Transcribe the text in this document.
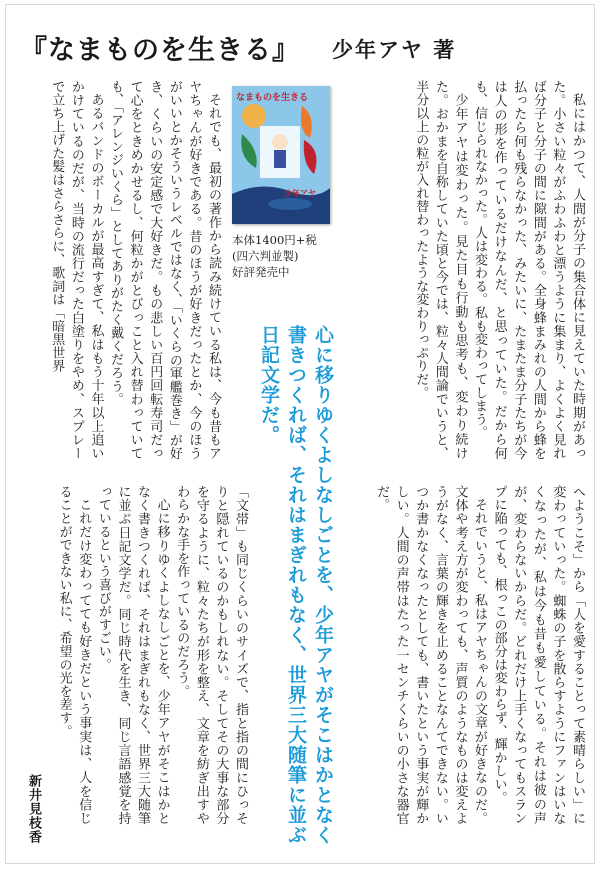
『なまものを生きる』 少年アヤ 著

私にはかつて、人間が分子の集合体に見えていた時期があった。小さい粒々がふわふわと漂うように集まり、よくよく見れば分子と分子の間に隙間がある。全身蜂まみれの人間から蜂を払ったら何も残らなかった、みたいに、たまたま分子たちが今は人の形を作っているだけなんだ、と思っていた。だから何も、信じられなかった。人は変わる。私も変わってしまう。

少年アヤは変わった。見た目も行動も思考も、変わり続けた。おかまを自称していた頃と今では、粒々人間論でいうと、半分以上の粒が入れ替わったような変わりっぷりだ。

なまものを生きる
少年アヤ
本体1400円+税
(四六判並製)
好評発売中

それでも、最初の著作から読み続けている私は、今も昔もアヤちゃんが好きである。昔のほうが好きだったとか、今のほうがいいとかそういうレベルではなく、「いくらの軍艦巻き」が好き、くらいの安定感で大好きだ。もの悲しい百円回転寿司だって心をときめかせるし、何粒かがとびっこと入れ替わっていても、「アレンジいくら」としてありがたく戴くだろう。

あるバンドのボーカルが最高すぎて、私はもう十年以上追いかけているのだが、当時の流行だった白塗りをやめ、スプレーで立ち上げた髪はさらさらに、歌詞は「暗黒世界

心に移りゆくよしなしごとを、少年アヤがそこはかとなく書きつくれば、それはまぎれもなく、世界三大随筆に並ぶ日記文学だ。

へようこそ」から「人を愛することって素晴らしい」に変わっていった。蜘蛛の子を散らすようにファンはいなくなったが、私は今も昔も愛している。それは彼の声が、変わらないからだ。どれだけ上手くなってもスランプに陥っても、根っこの部分は変わらず、輝かしい。

それでいうと、私はアヤちゃんの文章が好きなのだ。文体や考え方が変わっても、声質のようなものは変えようがなく、言葉の輝きを止めることなんてできない。いつか書かなくなったとしても、書いたという事実が輝かしい。人間の声帯はたった一センチくらいの小さな器官だ。

「文帯」も同じくらいのサイズで、指と指の間にひっそりと隠れているのかもしれない。そしてその大事な部分を守るように、粒々たちが形を整え、文章を紡ぎ出すやわらかな手を作っているのだろう。

心に移りゆくよしなしごとを、少年アヤがそこはかとなく書きつくれば、それはまぎれもなく、世界三大随筆に並ぶ日記文学だ。同じ時代を生き、同じ言語感覚を持っているという喜びがすごい。

これだけ変わってても好きだという事実は、人を信じることができない私に、希望の光を差す。

新井見枝香
